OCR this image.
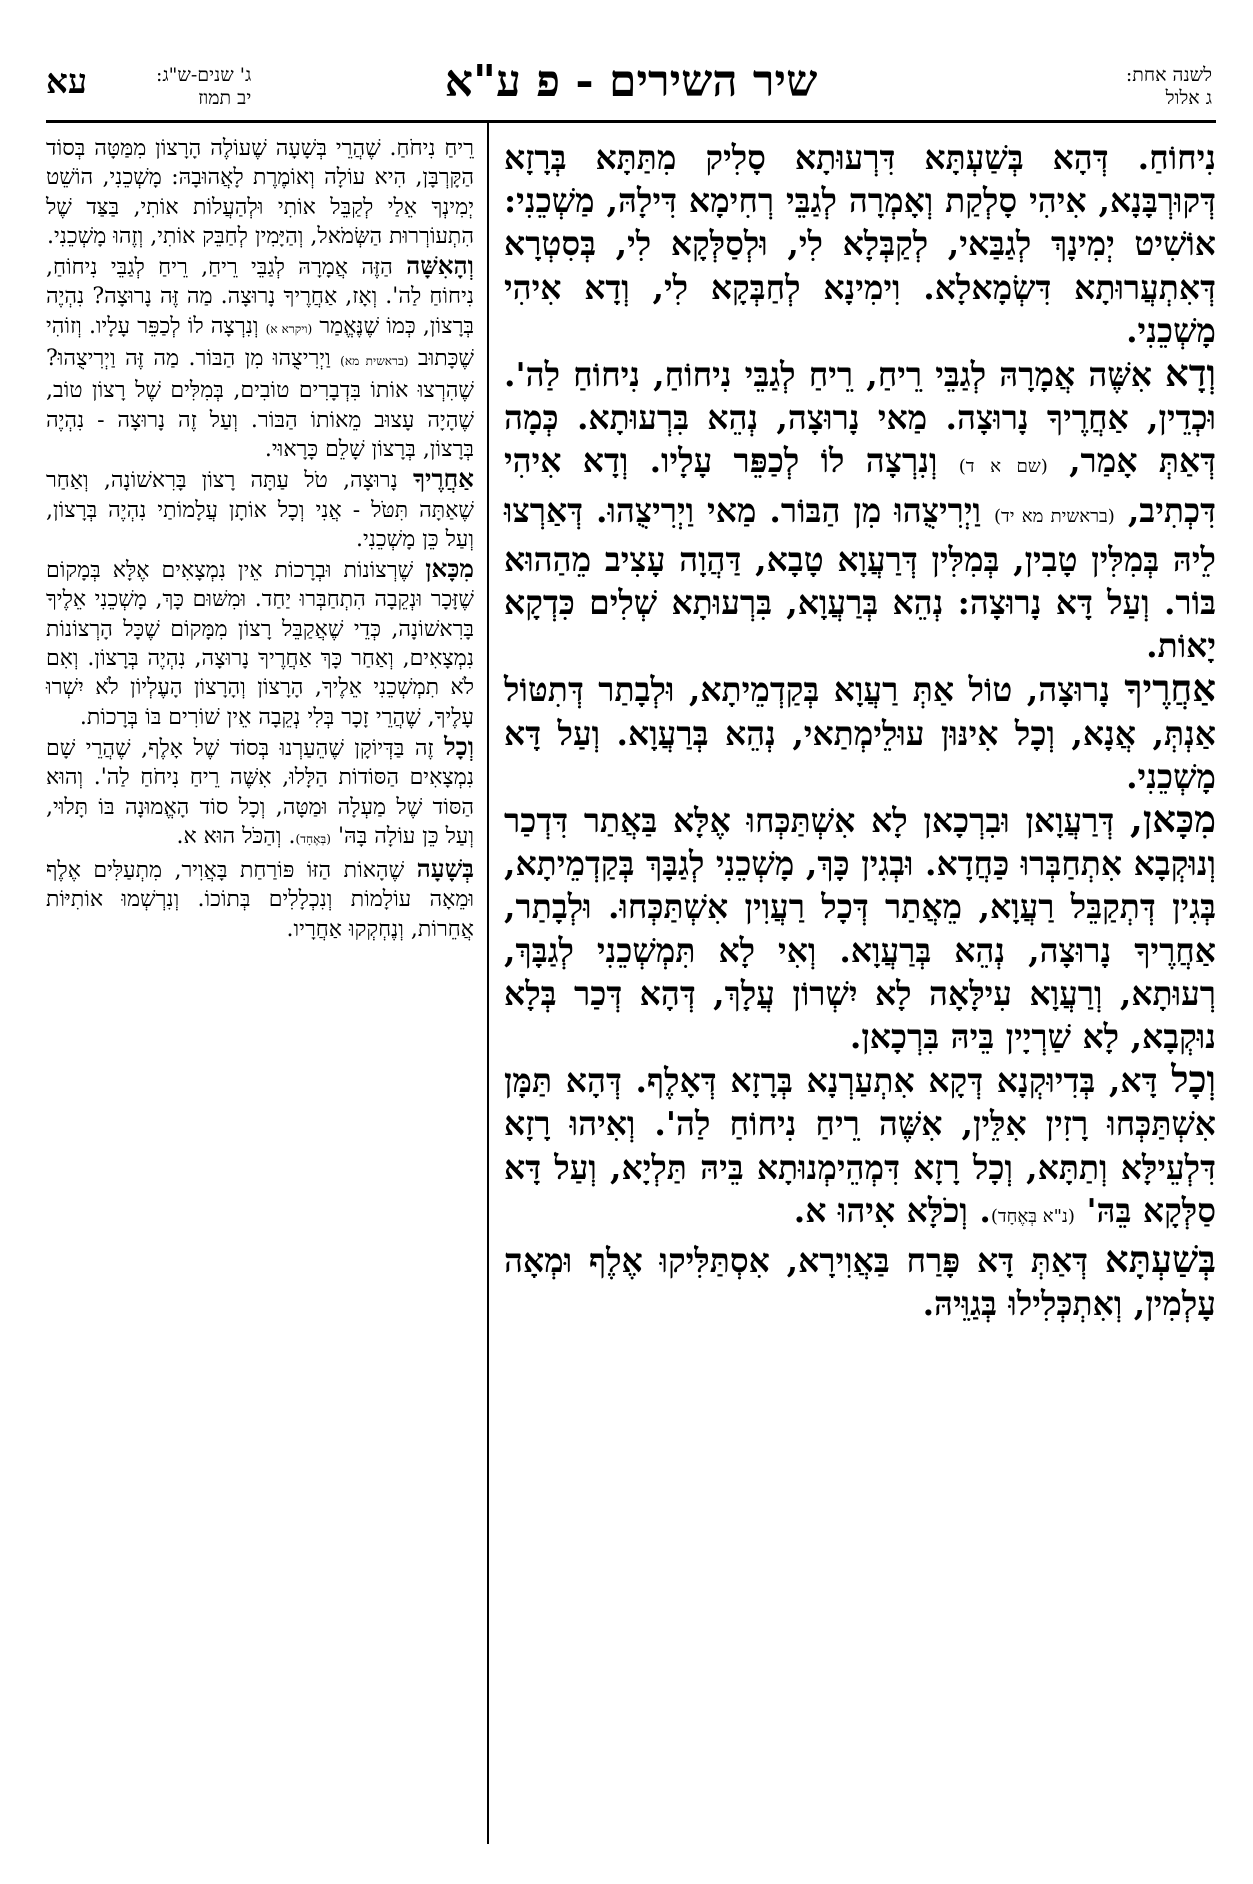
לשנה אחת:
ג אלול
שיר השירים - פ ע"א
ג' שנים-ש"ג:
יב תמוז
עא

נִיחוֹחַ. דְּהָא בְּשַׁעְתָּא דִּרְעוּתָא סָלִיק מִתַּתָּא בְּרָזָא דְּקוּרְבָּנָא, אִיהִי סָלְקַת וְאָמְרָה לְגַבֵּי רְחִימָא דִּילָהּ, מַשְׁכֵנִי: אוֹשִׁיט יְמִינָךְ לְגַבַּאי, לְקַבְּלָא לִי, וּלְסַלְּקָא לִי, בְּסִטְרָא דְּאִתְעֲרוּתָא דִּשְׂמָאלָא. וִימִינָא לְחַבְּקָא לִי, וְדָא אִיהִי מָשְׁכֵנִי.

וְדָא אִשֶּׁה אֲמָרָהּ לְגַבֵּי רֵיחַ, רֵיחַ לְגַבֵּי נִיחוֹחַ, נִיחוֹחַ לַה'. וּכְדֵין, אַחֲרֶיךָ נָרוּצָה. מַאי נָרוּצָה, נְהֵא בִּרְעוּתָא. כְּמָה דְּאַתְּ אָמַר, (שם א ד) וְנִרְצָה לוֹ לְכַפֵּר עָלָיו. וְדָא אִיהִי דִּכְתִיב, (בראשית מא יד) וַיְרִיצֻהוּ מִן הַבּוֹר. מַאי וַיְרִיצֻהוּ. דְּאַרְצוּ לֵיהּ בְּמִלִּין טָבִין, בְּמִלִּין דְּרַעֲוָא טָבָא, דַּהֲוָה עָצִיב מֵהַהוּא בּוֹר. וְעַל דָּא נָרוּצָה: נְהֵא בְּרַעֲוָא, בִּרְעוּתָא שְׁלִים כִּדְקָא יָאוֹת.

אַחֲרֶיךָ נָרוּצָה, טוֹל אַתְּ רַעֲוָא בְּקַדְמֵיתָא, וּלְבָתַר דְּתִטּוֹל אַנְתְּ, אֲנָא, וְכָל אִינּוּן עוּלֵימְתַאי, נְהֵא בְּרַעֲוָא. וְעַל דָּא מָשְׁכֵנִי.

מִכָּאן, דְּרַעֲוָאן וּבִרְכָאן לָא אִשְׁתַּכְּחוּ אֶלָּא בַּאֲתַר דִּדְכַר וְנוּקְבָא אִתְחַבְּרוּ כַּחֲדָא. וּבְגִין כָּךְ, מָשְׁכֵנִי לְגַבָּךְ בְּקַדְמֵיתָא, בְּגִין דְּתְקַבֵּל רַעֲוָא, מֵאֲתַר דְּכָל רַעֲוִין אִשְׁתַּכְּחוּ. וּלְבָתַר, אַחֲרֶיךָ נָרוּצָה, נְהֵא בְּרַעֲוָא. וְאִי לָא תִּמְשְׁכֵנִי לְגַבָּךְ, רְעוּתָא, וְרַעֲוָא עִילָּאָה לָא יִשְׁרוֹן עֲלָךְ, דְּהָא דְּכַר בְּלָא נוּקְבָא, לָא שַׁרְיָין בֵּיהּ בִּרְכָאן.

וְכָל דָּא, בְּדִיוּקְנָא דְּקָא אִתְעַרְנָא בְּרָזָא דְּאָלֶף. דְּהָא תַּמָּן אִשְׁתַּכְּחוּ רָזִין אִלֵּין, אִשֶּׁה רֵיחַ נִיחוֹחַ לַה'. וְאִיהוּ רָזָא דִּלְעֵילָּא וְתַתָּא, וְכָל רָזָא דִּמְהֵימְנוּתָא בֵּיהּ תַּלְיָא, וְעַל דָּא סַלְּקָא בֵּהּ' (נ"א בְּאֶחָד). וְכֹלָּא אִיהוּ א.

בְּשַׁעְתָּא דְּאַתְּ דָּא פָּרַח בַּאֲוִירָא, אִסְתַּלִּיקוּ אֶלֶף וּמְאָה עָלְמִין, וְאִתְכְּלִילוּ בְּגַוֵּיהּ.

רֵיחַ נִיחֹחַ. שֶׁהֲרֵי בְּשָׁעָה שֶׁעוֹלֶה הָרָצוֹן מִמַּטָּה בְּסוֹד הַקָּרְבָּן, הִיא עוֹלָה וְאוֹמֶרֶת לָאֲהוּבָהּ: מָשְׁכֵנִי, הוֹשֵׁט יְמִינְךָ אֵלַי לְקַבֵּל אוֹתִי וּלְהַעֲלוֹת אוֹתִי, בַּצַּד שֶׁל הִתְעוֹרְרוּת הַשְּׂמֹאל, וְהַיָּמִין לְחַבֵּק אוֹתִי, וְזֶהוּ מָשְׁכֵנִי.

וְהָאִשָּׁה הַזֶּה אֲמָרָהּ לְגַבֵּי רֵיחַ, רֵיחַ לְגַבֵּי נִיחוֹחַ, נִיחוֹחַ לַה'. וְאָז, אַחֲרֶיךָ נָרוּצָה. מַה זֶּה נָרוּצָה? נִהְיֶה בְּרָצוֹן, כְּמוֹ שֶׁנֶּאֱמַר (ויקרא א) וְנִרְצָה לוֹ לְכַפֵּר עָלָיו. וְזוֹהִי שֶׁכָּתוּב (בראשית מא) וַיְרִיצֻהוּ מִן הַבּוֹר. מַה זֶּה וַיְרִיצֻהוּ? שֶׁהִרְצוּ אוֹתוֹ בִּדְבָרִים טוֹבִים, בְּמִלִּים שֶׁל רָצוֹן טוֹב, שֶׁהָיָה עָצוּב מֵאוֹתוֹ הַבּוֹר. וְעַל זֶה נָרוּצָה - נִהְיֶה בְּרָצוֹן, בְּרָצוֹן שָׁלֵם כָּרָאוּי.

אַחֲרֶיךָ נָרוּצָה, טֹל עַתָּה רָצוֹן בָּרִאשׁוֹנָה, וְאַחַר שֶׁאַתָּה תִּטֹּל - אֲנִי וְכָל אוֹתָן עֲלָמוֹתַי נִהְיֶה בְּרָצוֹן, וְעַל כֵּן מָשְׁכֵנִי.

מִכָּאן שֶׁרְצוֹנוֹת וּבְרָכוֹת אֵין נִמְצָאִים אֶלָּא בְּמָקוֹם שֶׁזָּכָר וּנְקֵבָה הִתְחַבְּרוּ יַחַד. וּמִשּׁוּם כָּךְ, מָשְׁכֵנִי אֵלֶיךָ בָּרִאשׁוֹנָה, כְּדֵי שֶׁאֲקַבֵּל רָצוֹן מִמָּקוֹם שֶׁכָּל הָרְצוֹנוֹת נִמְצָאִים, וְאַחַר כָּךְ אַחֲרֶיךָ נָרוּצָה, נִהְיֶה בְּרָצוֹן. וְאִם לֹא תִמְשְׁכֵנִי אֵלֶיךָ, הָרָצוֹן וְהָרָצוֹן הָעֶלְיוֹן לֹא יִשְׁרוּ עָלֶיךָ, שֶׁהֲרֵי זָכָר בְּלִי נְקֵבָה אֵין שׁוֹרִים בּוֹ בְּרָכוֹת.

וְכָל זֶה בַּדְּיוֹקָן שֶׁהֵעַרְנוּ בְּסוֹד שֶׁל אָלֶף, שֶׁהֲרֵי שָׁם נִמְצָאִים הַסּוֹדוֹת הַלָּלוּ, אִשֶּׁה רֵיחַ נִיחֹחַ לַה'. וְהוּא הַסּוֹד שֶׁל מַעְלָה וּמַטָּה, וְכָל סוֹד הָאֱמוּנָה בּוֹ תָּלוּי, וְעַל כֵּן עוֹלָה בָּהּ' (בְּאֶחָד). וְהַכֹּל הוּא א.

בְּשָׁעָה שֶׁהָאוֹת הַזּוֹ פּוֹרַחַת בָּאֲוִיר, מִתְעַלִּים אֶלֶף וּמֵאָה עוֹלָמוֹת וְנִכְלָלִים בְּתוֹכוֹ. וְנִרְשְׁמוּ אוֹתִיּוֹת אֲחֵרוֹת, וְנֶחְקְקוּ אַחֲרָיו.
